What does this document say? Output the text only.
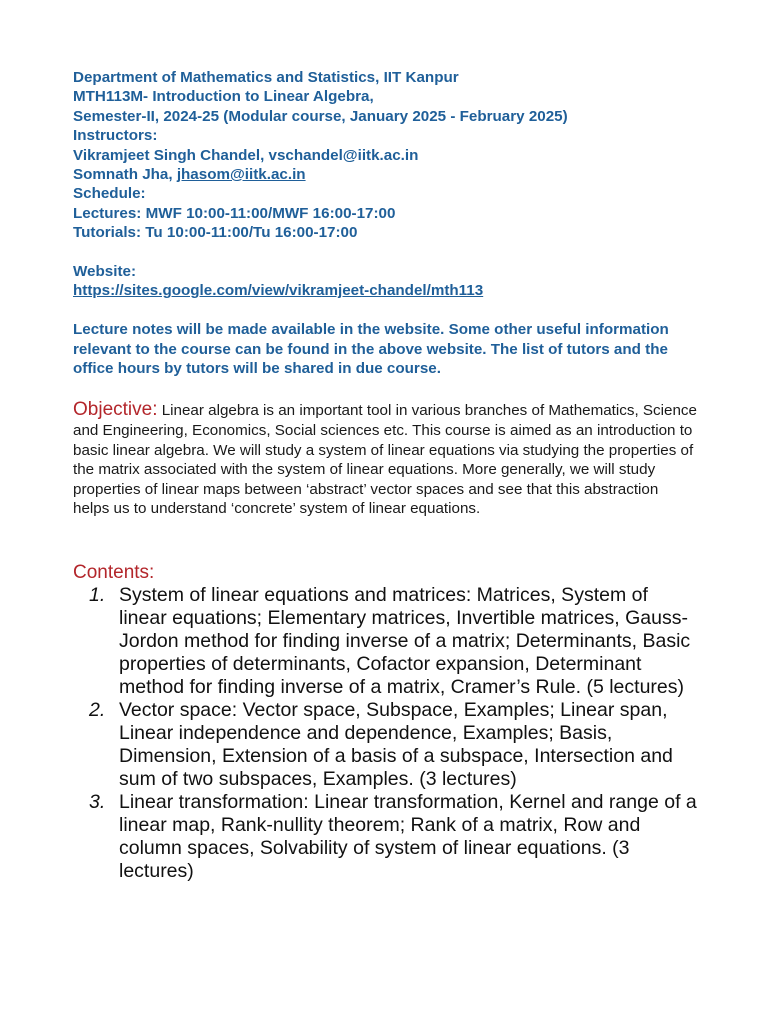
Department of Mathematics and Statistics, IIT Kanpur
MTH113M- Introduction to Linear Algebra,
Semester-II, 2024-25 (Modular course, January 2025 - February 2025)
Instructors:
Vikramjeet Singh Chandel, vschandel@iitk.ac.in
Somnath Jha, jhasom@iitk.ac.in
Schedule:
Lectures: MWF 10:00-11:00/MWF 16:00-17:00
Tutorials: Tu 10:00-11:00/Tu 16:00-17:00
Website:
https://sites.google.com/view/vikramjeet-chandel/mth113
Lecture notes will be made available in the website. Some other useful information relevant to the course can be found in the above website. The list of tutors and the office hours by tutors will be shared in due course.
Objective: Linear algebra is an important tool in various branches of Mathematics, Science and Engineering, Economics, Social sciences etc. This course is aimed as an introduction to basic linear algebra. We will study a system of linear equations via studying the properties of the matrix associated with the system of linear equations. More generally, we will study properties of linear maps between ‘abstract’ vector spaces and see that this abstraction helps us to understand ‘concrete’ system of linear equations.
Contents:
1. System of linear equations and matrices: Matrices, System of linear equations; Elementary matrices, Invertible matrices, Gauss-Jordon method for finding inverse of a matrix; Determinants, Basic properties of determinants, Cofactor expansion, Determinant method for finding inverse of a matrix, Cramer’s Rule. (5 lectures)
2. Vector space: Vector space, Subspace, Examples; Linear span, Linear independence and dependence, Examples; Basis, Dimension, Extension of a basis of a subspace, Intersection and sum of two subspaces, Examples. (3 lectures)
3. Linear transformation: Linear transformation, Kernel and range of a linear map, Rank-nullity theorem; Rank of a matrix, Row and column spaces, Solvability of system of linear equations. (3 lectures)
